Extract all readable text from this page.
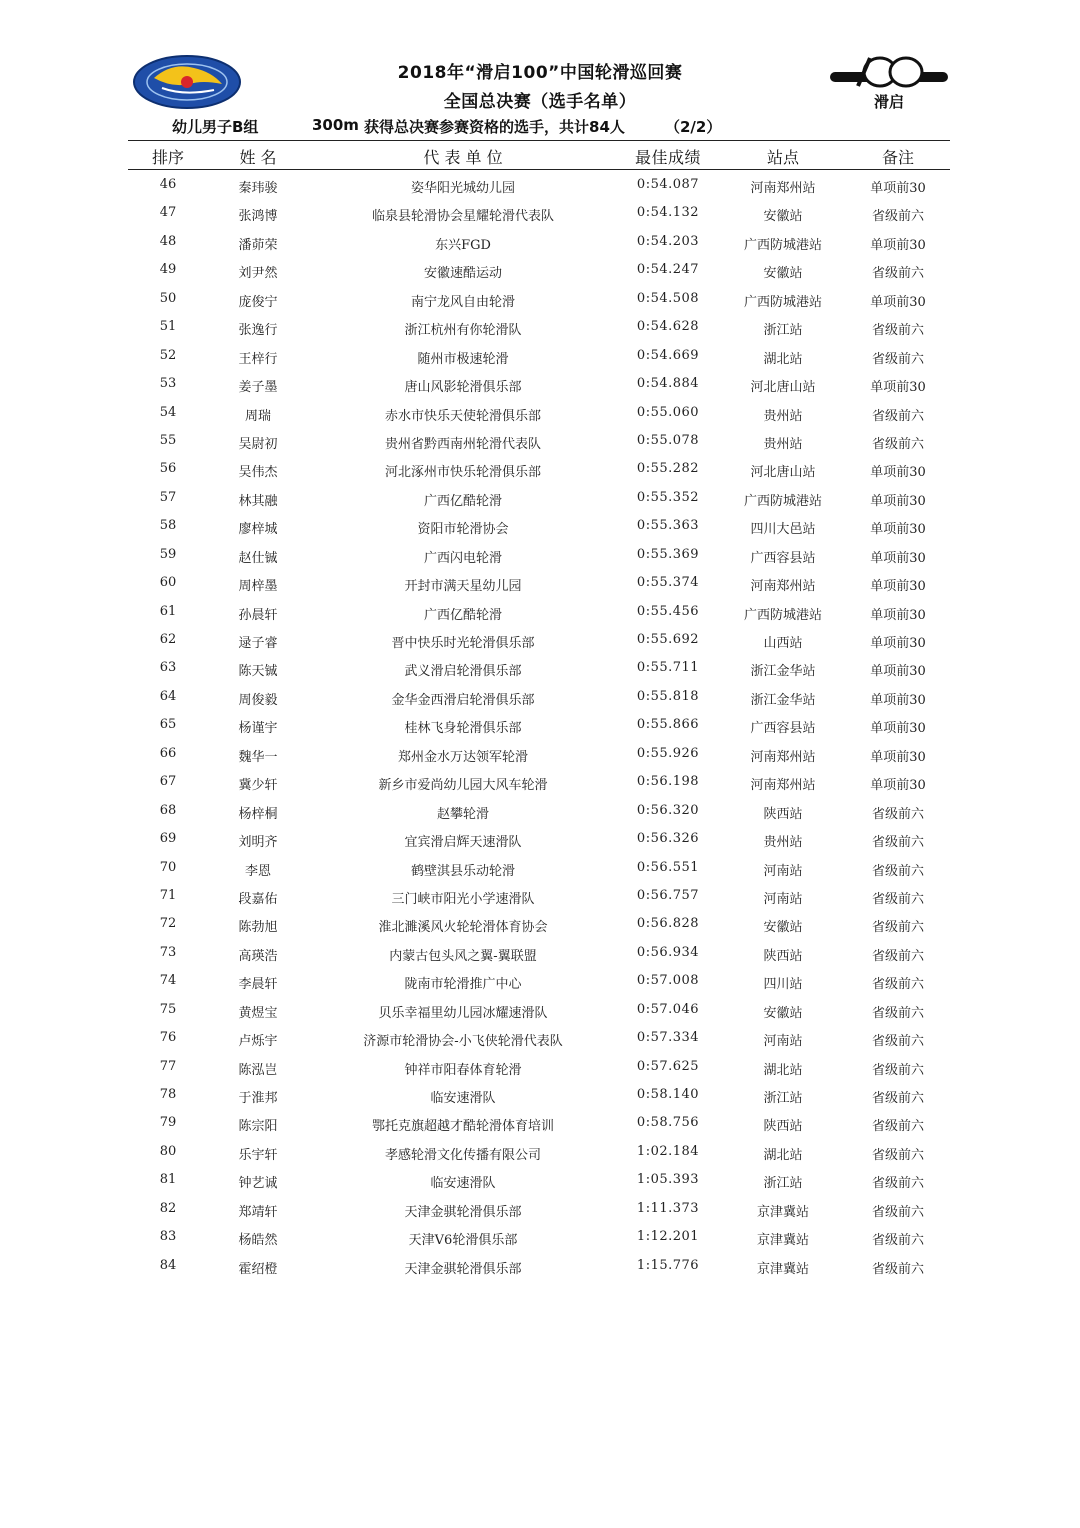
滑启
2018年“滑启100”中国轮滑巡回赛
全国总决赛（选手名单）
幼儿男子B组	300m 获得总决赛参赛资格的选手，共计84人	（2/2）
排序	姓 名	代 表 单 位	最佳成绩	站点	备注
46	秦玮骏	姿华阳光城幼儿园	0:54.087	河南郑州站	单项前30
47	张鸿博	临泉县轮滑协会星耀轮滑代表队	0:54.132	安徽站	省级前六
48	潘茆荣	东兴FGD	0:54.203	广西防城港站	单项前30
49	刘尹然	安徽速酷运动	0:54.247	安徽站	省级前六
50	庞俊宁	南宁龙风自由轮滑	0:54.508	广西防城港站	单项前30
51	张逸行	浙江杭州有你轮滑队	0:54.628	浙江站	省级前六
52	王梓行	随州市极速轮滑	0:54.669	湖北站	省级前六
53	姜子墨	唐山风影轮滑俱乐部	0:54.884	河北唐山站	单项前30
54	周瑞	赤水市快乐天使轮滑俱乐部	0:55.060	贵州站	省级前六
55	吴尉初	贵州省黔西南州轮滑代表队	0:55.078	贵州站	省级前六
56	吴伟杰	河北涿州市快乐轮滑俱乐部	0:55.282	河北唐山站	单项前30
57	林其融	广西亿酷轮滑	0:55.352	广西防城港站	单项前30
58	廖梓城	资阳市轮滑协会	0:55.363	四川大邑站	单项前30
59	赵仕铖	广西闪电轮滑	0:55.369	广西容县站	单项前30
60	周梓墨	开封市满天星幼儿园	0:55.374	河南郑州站	单项前30
61	孙晨轩	广西亿酷轮滑	0:55.456	广西防城港站	单项前30
62	逯子睿	晋中快乐时光轮滑俱乐部	0:55.692	山西站	单项前30
63	陈天铖	武义滑启轮滑俱乐部	0:55.711	浙江金华站	单项前30
64	周俊毅	金华金西滑启轮滑俱乐部	0:55.818	浙江金华站	单项前30
65	杨谨宇	桂林飞身轮滑俱乐部	0:55.866	广西容县站	单项前30
66	魏华一	郑州金水万达领军轮滑	0:55.926	河南郑州站	单项前30
67	冀少轩	新乡市爱尚幼儿园大风车轮滑	0:56.198	河南郑州站	单项前30
68	杨梓桐	赵攀轮滑	0:56.320	陕西站	省级前六
69	刘明齐	宜宾滑启辉天速滑队	0:56.326	贵州站	省级前六
70	李恩	鹤壁淇县乐动轮滑	0:56.551	河南站	省级前六
71	段嘉佑	三门峡市阳光小学速滑队	0:56.757	河南站	省级前六
72	陈勃旭	淮北濉溪风火轮轮滑体育协会	0:56.828	安徽站	省级前六
73	高瑛浩	内蒙古包头风之翼-翼联盟	0:56.934	陕西站	省级前六
74	李晨轩	陇南市轮滑推广中心	0:57.008	四川站	省级前六
75	黄煜宝	贝乐幸福里幼儿园冰耀速滑队	0:57.046	安徽站	省级前六
76	卢烁宇	济源市轮滑协会-小飞侠轮滑代表队	0:57.334	河南站	省级前六
77	陈泓岂	钟祥市阳春体育轮滑	0:57.625	湖北站	省级前六
78	于淮邦	临安速滑队	0:58.140	浙江站	省级前六
79	陈宗阳	鄂托克旗超越才酷轮滑体育培训	0:58.756	陕西站	省级前六
80	乐宇轩	孝感轮滑文化传播有限公司	1:02.184	湖北站	省级前六
81	钟艺诚	临安速滑队	1:05.393	浙江站	省级前六
82	郑靖轩	天津金骐轮滑俱乐部	1:11.373	京津冀站	省级前六
83	杨皓然	天津V6轮滑俱乐部	1:12.201	京津冀站	省级前六
84	霍绍橙	天津金骐轮滑俱乐部	1:15.776	京津冀站	省级前六
